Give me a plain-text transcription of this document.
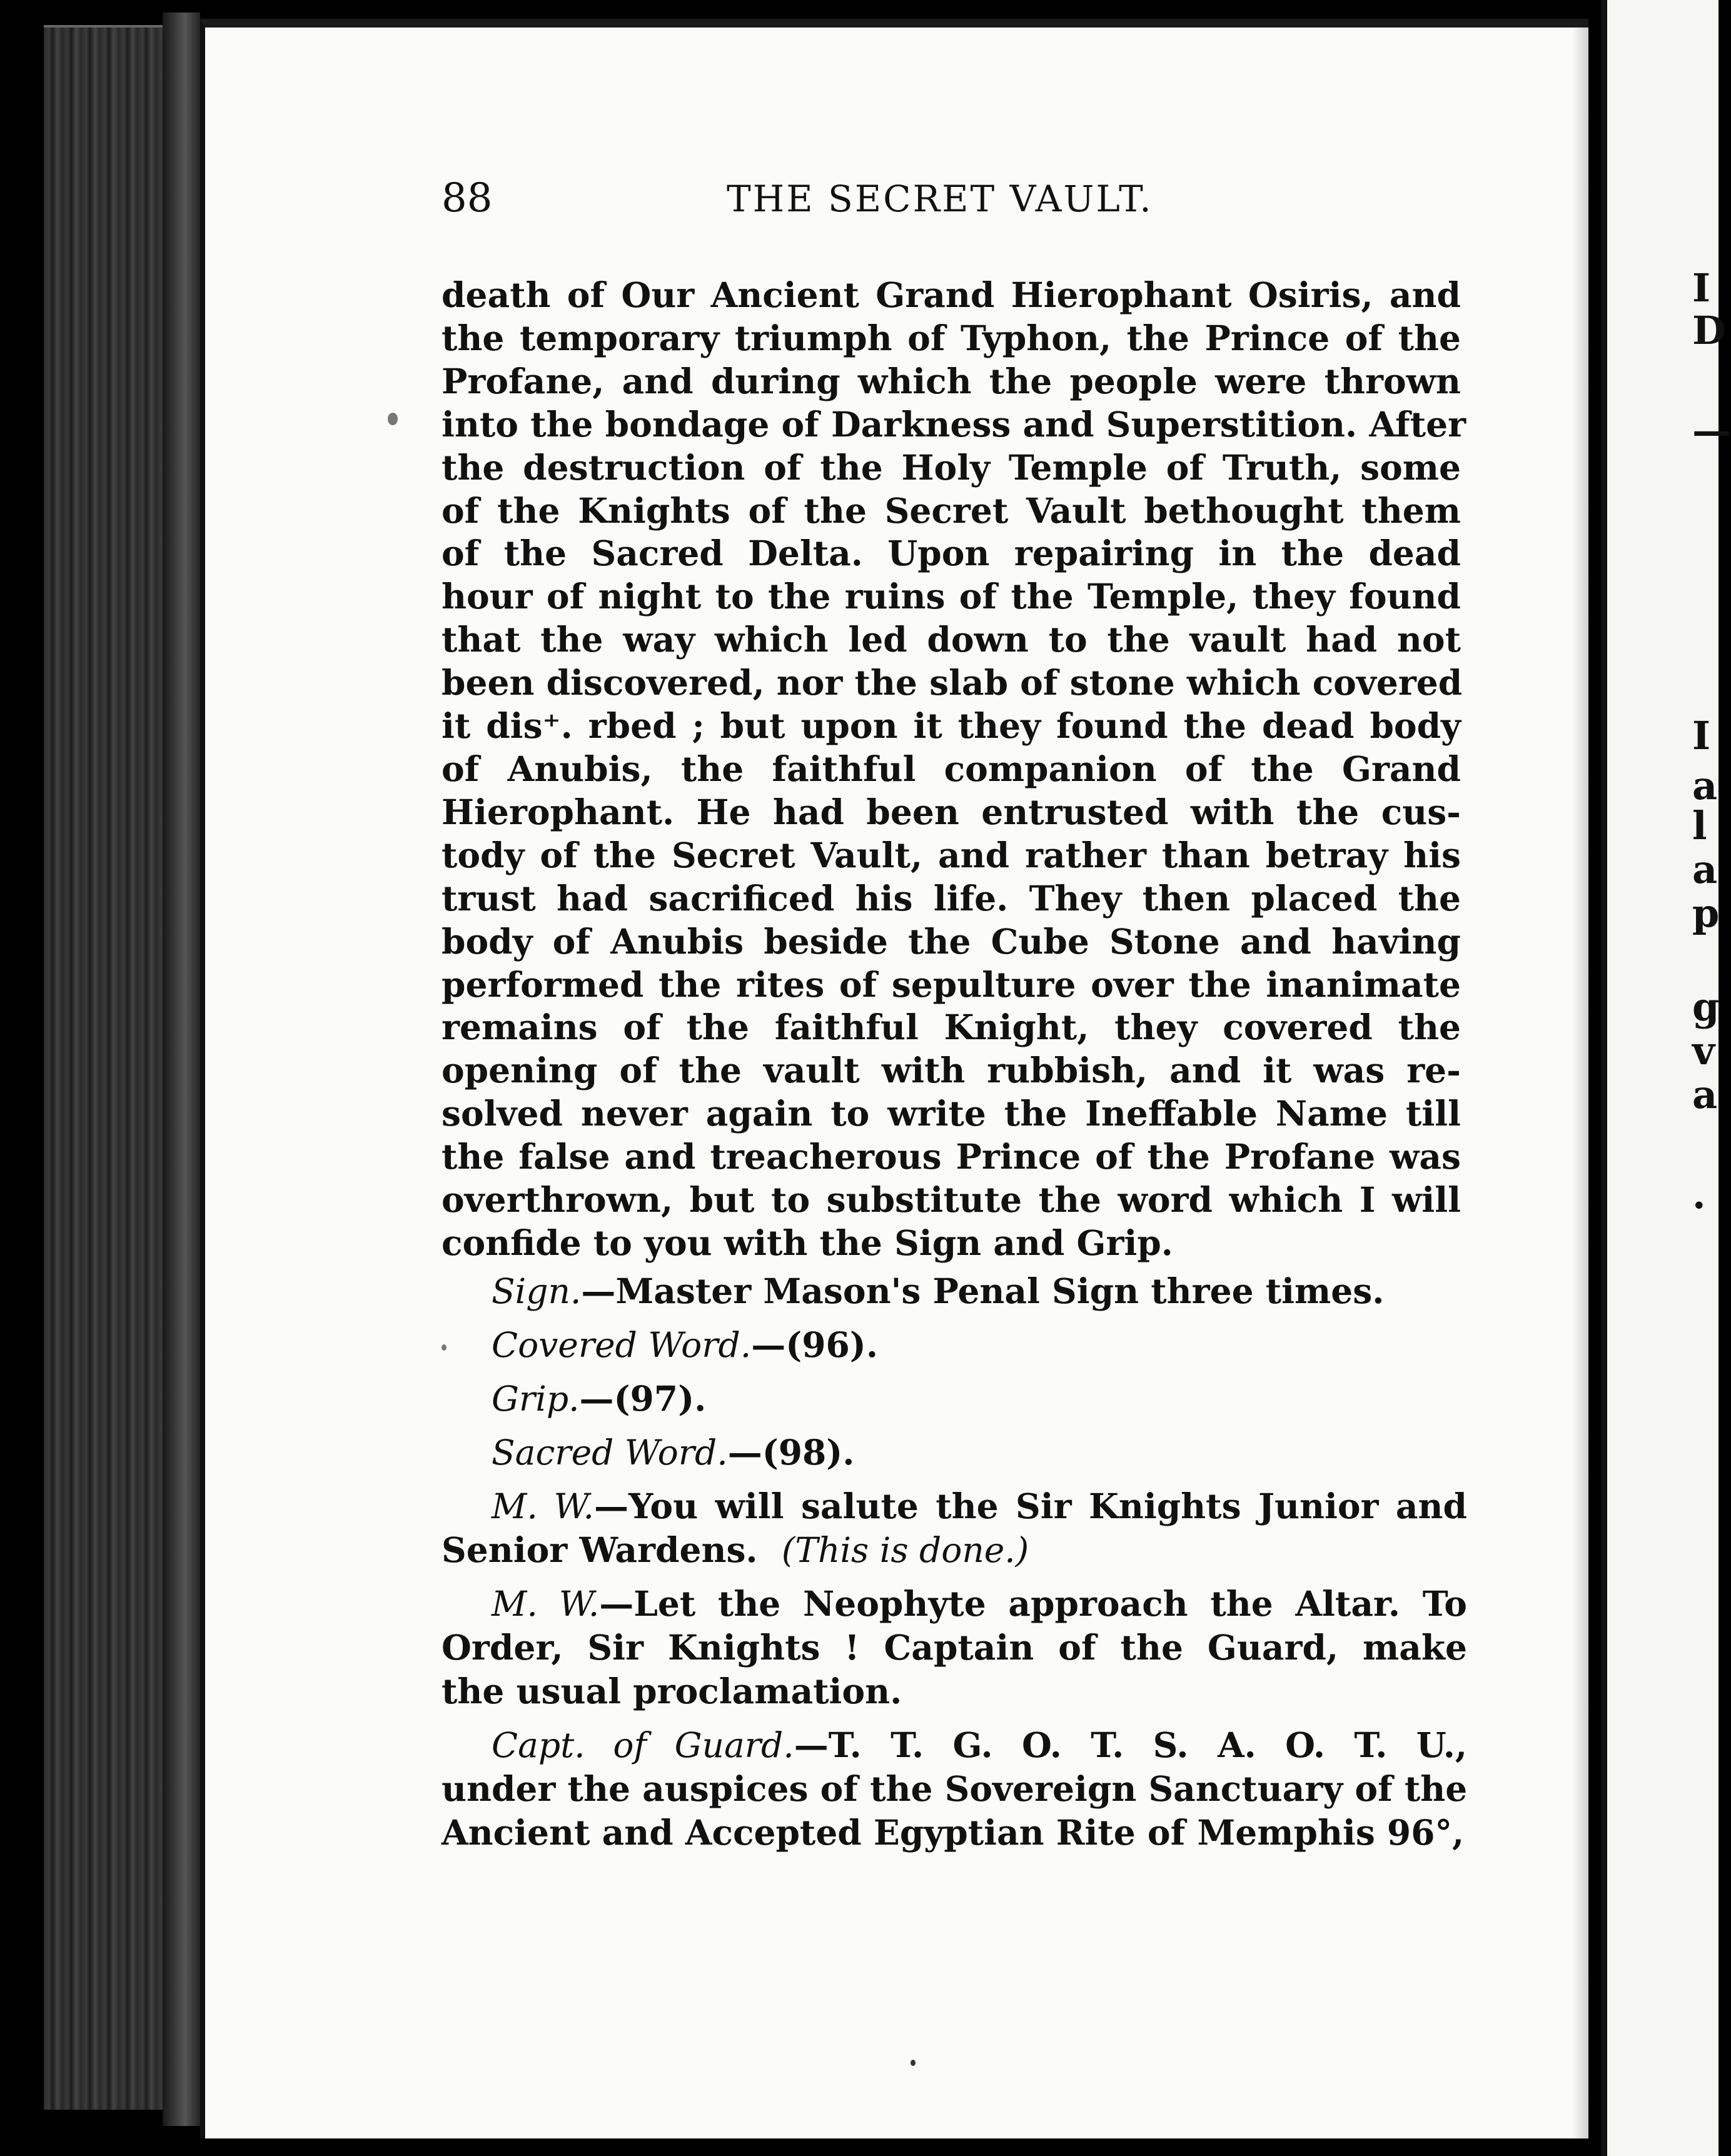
I
D
—
I
a
l
a
p
g
v
a
.
88	THE SECRET VAULT.
death of Our Ancient Grand Hierophant Osiris, and
the temporary triumph of Typhon, the Prince of the
Profane, and during which the people were thrown
into the bondage of Darkness and Superstition. After
the destruction of the Holy Temple of Truth, some
of the Knights of the Secret Vault bethought them
of the Sacred Delta. Upon repairing in the dead
hour of night to the ruins of the Temple, they found
that the way which led down to the vault had not
been discovered, nor the slab of stone which covered
it dis⁺. rbed ; but upon it they found the dead body
of Anubis, the faithful companion of the Grand
Hierophant. He had been entrusted with the cus-
tody of the Secret Vault, and rather than betray his
trust had sacrificed his life. They then placed the
body of Anubis beside the Cube Stone and having
performed the rites of sepulture over the inanimate
remains of the faithful Knight, they covered the
opening of the vault with rubbish, and it was re-
solved never again to write the Ineffable Name till
the false and treacherous Prince of the Profane was
overthrown, but to substitute the word which I will
confide to you with the Sign and Grip.
Sign.—Master Mason's Penal Sign three times.
Covered Word.—(96).
Grip.—(97).
Sacred Word.—(98).
M. W.—You will salute the Sir Knights Junior and
Senior Wardens. (This is done.)
M. W.—Let the Neophyte approach the Altar. To
Order, Sir Knights ! Captain of the Guard, make
the usual proclamation.
Capt. of Guard.—T. T. G. O. T. S. A. O. T. U.,
under the auspices of the Sovereign Sanctuary of the
Ancient and Accepted Egyptian Rite of Memphis 96°,
